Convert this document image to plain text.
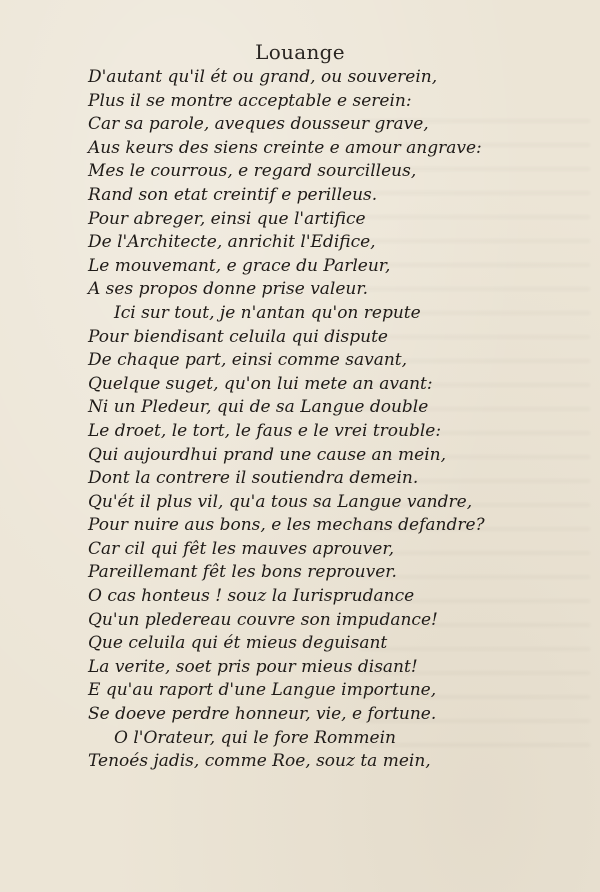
Louange
D'autant qu'il ét ou grand, ou souverein,
Plus il se montre acceptable e serein:
Car sa parole, aveques dousseur grave,
Aus keurs des siens creinte e amour angrave:
Mes le courrous, e regard sourcilleus,
Rand son etat creintif e perilleus.
Pour abreger, einsi que l'artifice
De l'Architecte, anrichit l'Edifice,
Le mouvemant, e grace du Parleur,
A ses propos donne prise valeur.
Ici sur tout, je n'antan qu'on repute
Pour biendisant celuila qui dispute
De chaque part, einsi comme savant,
Quelque suget, qu'on lui mete an avant:
Ni un Pledeur, qui de sa Langue double
Le droet, le tort, le faus e le vrei trouble:
Qui aujourdhui prand une cause an mein,
Dont la contrere il soutiendra demein.
Qu'ét il plus vil, qu'a tous sa Langue vandre,
Pour nuire aus bons, e les mechans defandre?
Car cil qui fêt les mauves aprouver,
Pareillemant fêt les bons reprouver.
O cas honteus ! souz la Iurisprudance
Qu'un pledereau couvre son impudance!
Que celuila qui ét mieus deguisant
La verite, soet pris pour mieus disant!
E qu'au raport d'une Langue importune,
Se doeve perdre honneur, vie, e fortune.
O l'Orateur, qui le fore Rommein
Tenoés jadis, comme Roe, souz ta mein,
